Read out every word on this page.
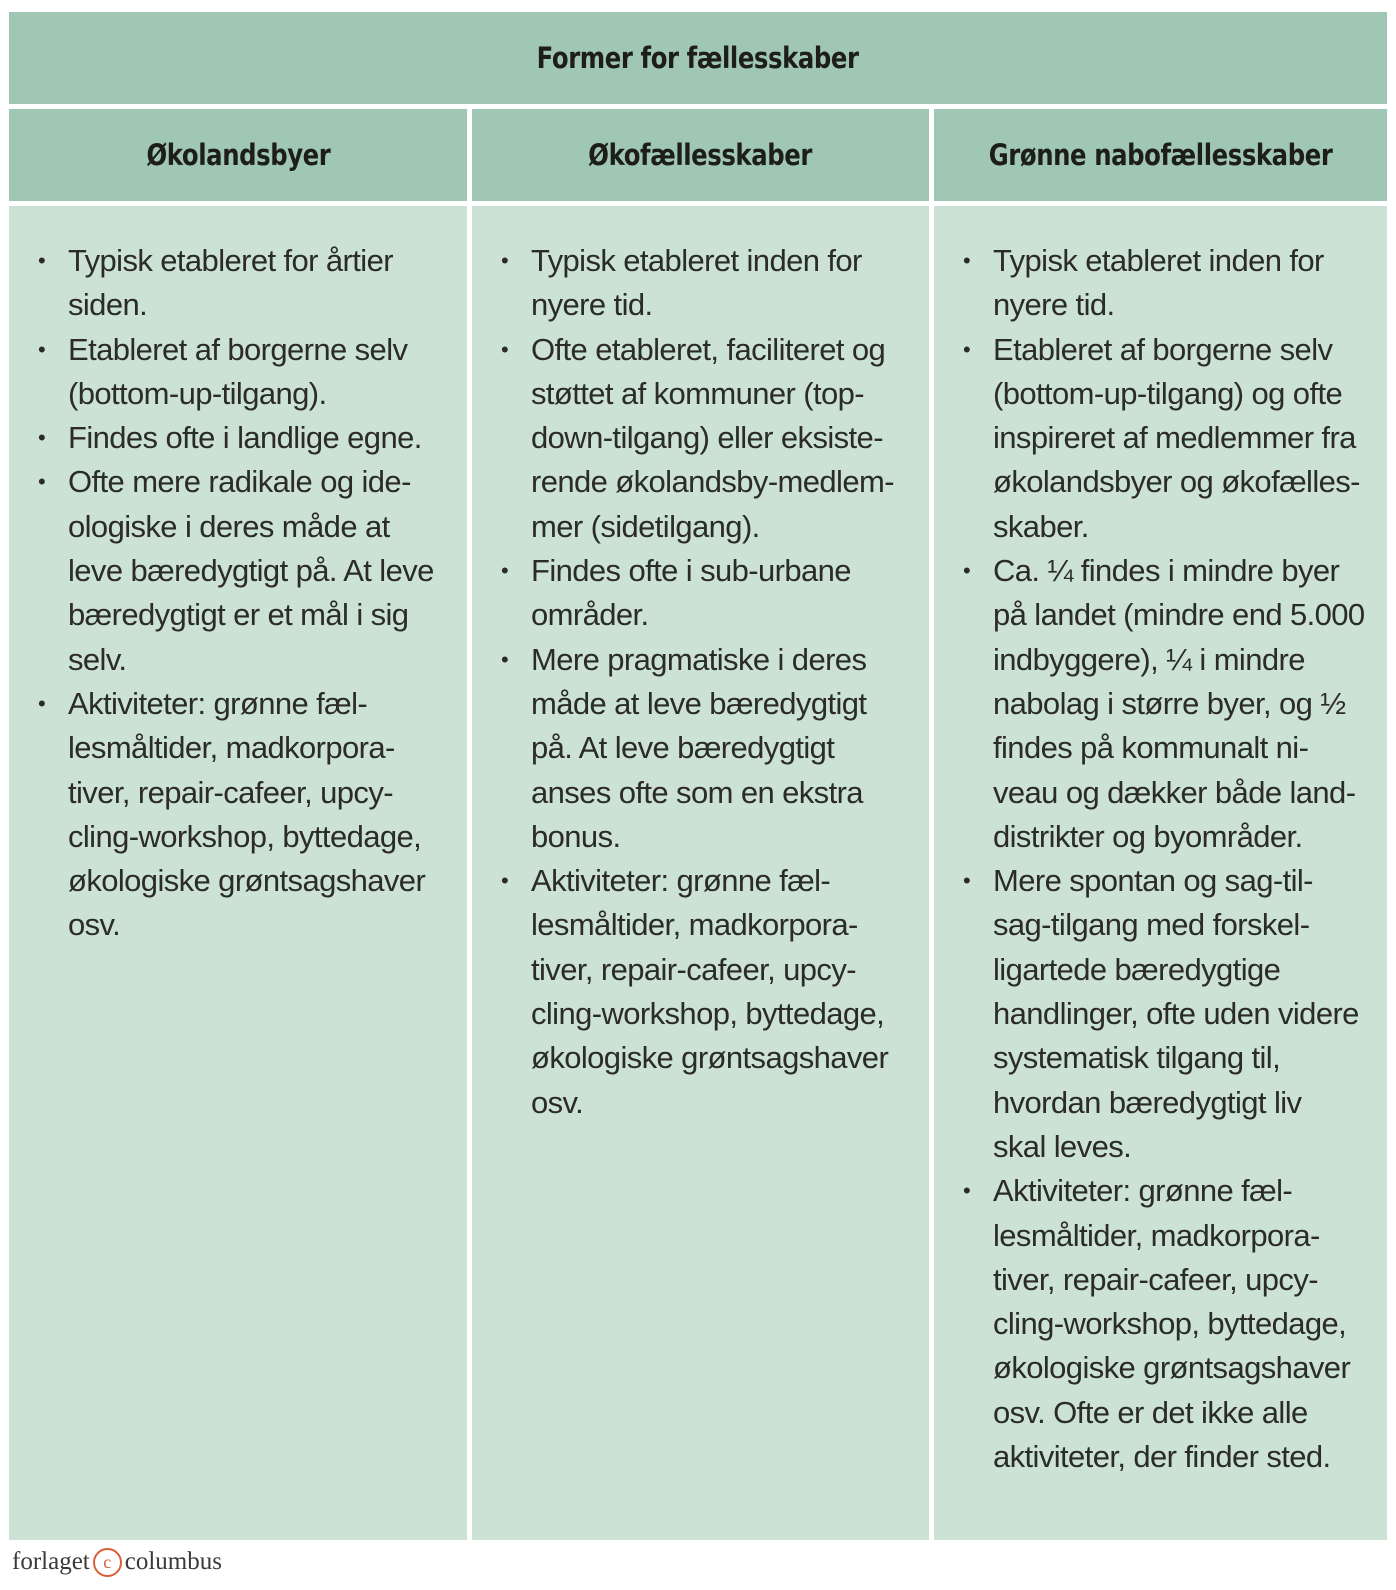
Former for fællesskaber
Økolandsbyer	Økofællesskaber	Grønne nabofællesskaber
• Typisk etableret for årtier
siden.
• Etableret af borgerne selv
(bottom-up-tilgang).
• Findes ofte i landlige egne.
• Ofte mere radikale og ide-
ologiske i deres måde at
leve bæredygtigt på. At leve
bæredygtigt er et mål i sig
selv.
• Aktiviteter: grønne fæl-
lesmåltider, madkorpora-
tiver, repair-cafeer, upcy-
cling-workshop, byttedage,
økologiske grøntsagshaver
osv.
• Typisk etableret inden for
nyere tid.
• Ofte etableret, faciliteret og
støttet af kommuner (top-
down-tilgang) eller eksiste-
rende økolandsby-medlem-
mer (sidetilgang).
• Findes ofte i sub-urbane
områder.
• Mere pragmatiske i deres
måde at leve bæredygtigt
på. At leve bæredygtigt
anses ofte som en ekstra
bonus.
• Aktiviteter: grønne fæl-
lesmåltider, madkorpora-
tiver, repair-cafeer, upcy-
cling-workshop, byttedage,
økologiske grøntsagshaver
osv.
• Typisk etableret inden for
nyere tid.
• Etableret af borgerne selv
(bottom-up-tilgang) og ofte
inspireret af medlemmer fra
økolandsbyer og økofælles-
skaber.
• Ca. ¼ findes i mindre byer
på landet (mindre end 5.000
indbyggere), ¼ i mindre
nabolag i større byer, og ½
findes på kommunalt ni-
veau og dækker både land-
distrikter og byområder.
• Mere spontan og sag-til-
sag-tilgang med forskel-
ligartede bæredygtige
handlinger, ofte uden videre
systematisk tilgang til,
hvordan bæredygtigt liv
skal leves.
• Aktiviteter: grønne fæl-
lesmåltider, madkorpora-
tiver, repair-cafeer, upcy-
cling-workshop, byttedage,
økologiske grøntsagshaver
osv. Ofte er det ikke alle
aktiviteter, der finder sted.
forlaget c columbus
